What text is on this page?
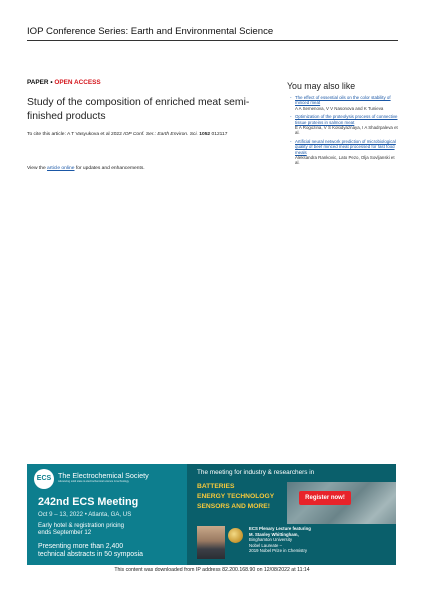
IOP Conference Series: Earth and Environmental Science
PAPER • OPEN ACCESS
Study of the composition of enriched meat semi-finished products
To cite this article: A T Vasyukova et al 2022 IOP Conf. Ser.: Earth Environ. Sci. 1052 012117
View the article online for updates and enhancements.
You may also like
- The effect of essential oils on the color stability of minced meat
A A Semenova, V V Nasonova and K Tunieva
- Optimization of the proteolysis process of connective tissue proteins in salmon meat
E A Rogozina, V S Kolodyaznaya, I A Shadrpaleva et al.
- Artificial neural network prediction of microbiological quality of beef minced meat processed for fast food meals
Aleksandra Rankovic, Lato Pezo, Olja Sovljanski et al.
ECS The Electrochemical Society
Advancing solid state & electrochemical science & technology
242nd ECS Meeting
Oct 9 – 13, 2022 • Atlanta, GA, US
Early hotel & registration pricing
ends September 12
Presenting more than 2,400
technical abstracts in 50 symposia
The meeting for industry & researchers in
BATTERIES
ENERGY TECHNOLOGY
SENSORS AND MORE!
Register now!
ECS Plenary Lecture featuring
M. Stanley Whittingham,
Binghamton University
Nobel Laureate –
2019 Nobel Prize in Chemistry
This content was downloaded from IP address 82.200.168.90 on 12/08/2022 at 11:14
